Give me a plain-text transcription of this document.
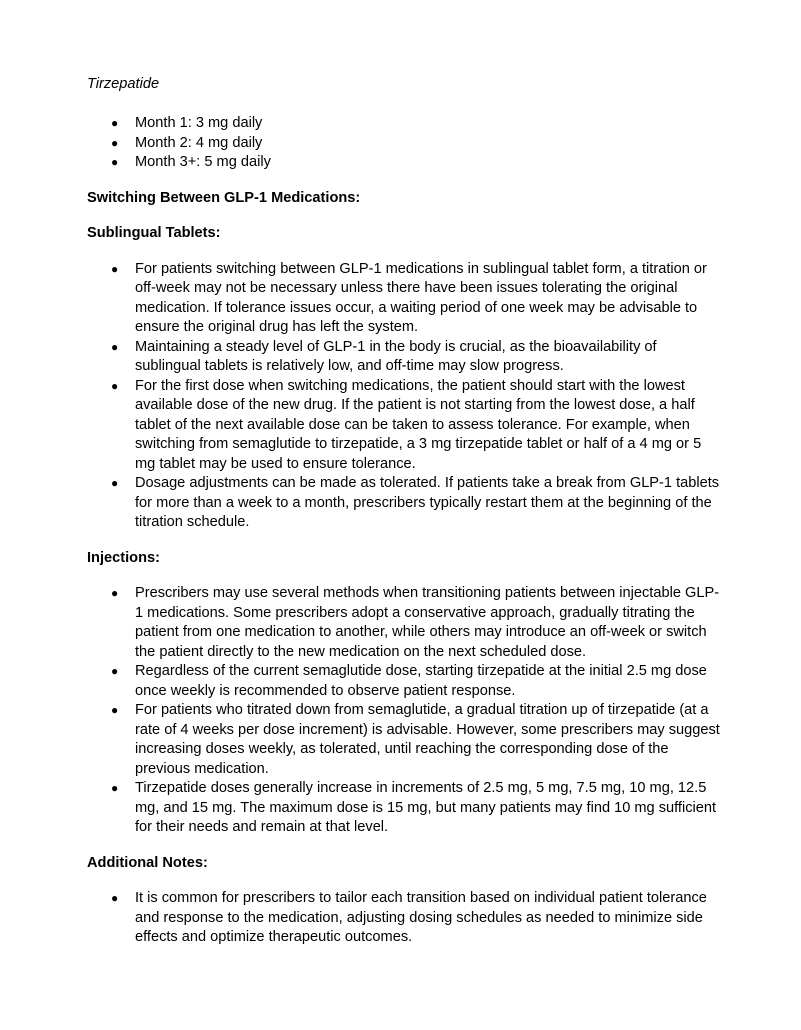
Tirzepatide

● Month 1: 3 mg daily
● Month 2: 4 mg daily
● Month 3+: 5 mg daily

Switching Between GLP-1 Medications:

Sublingual Tablets:

● For patients switching between GLP-1 medications in sublingual tablet form, a titration or off-week may not be necessary unless there have been issues tolerating the original medication. If tolerance issues occur, a waiting period of one week may be advisable to ensure the original drug has left the system.
● Maintaining a steady level of GLP-1 in the body is crucial, as the bioavailability of sublingual tablets is relatively low, and off-time may slow progress.
● For the first dose when switching medications, the patient should start with the lowest available dose of the new drug. If the patient is not starting from the lowest dose, a half tablet of the next available dose can be taken to assess tolerance. For example, when switching from semaglutide to tirzepatide, a 3 mg tirzepatide tablet or half of a 4 mg or 5 mg tablet may be used to ensure tolerance.
● Dosage adjustments can be made as tolerated. If patients take a break from GLP-1 tablets for more than a week to a month, prescribers typically restart them at the beginning of the titration schedule.

Injections:

● Prescribers may use several methods when transitioning patients between injectable GLP-1 medications. Some prescribers adopt a conservative approach, gradually titrating the patient from one medication to another, while others may introduce an off-week or switch the patient directly to the new medication on the next scheduled dose.
● Regardless of the current semaglutide dose, starting tirzepatide at the initial 2.5 mg dose once weekly is recommended to observe patient response.
● For patients who titrated down from semaglutide, a gradual titration up of tirzepatide (at a rate of 4 weeks per dose increment) is advisable. However, some prescribers may suggest increasing doses weekly, as tolerated, until reaching the corresponding dose of the previous medication.
● Tirzepatide doses generally increase in increments of 2.5 mg, 5 mg, 7.5 mg, 10 mg, 12.5 mg, and 15 mg. The maximum dose is 15 mg, but many patients may find 10 mg sufficient for their needs and remain at that level.

Additional Notes:

● It is common for prescribers to tailor each transition based on individual patient tolerance and response to the medication, adjusting dosing schedules as needed to minimize side effects and optimize therapeutic outcomes.
